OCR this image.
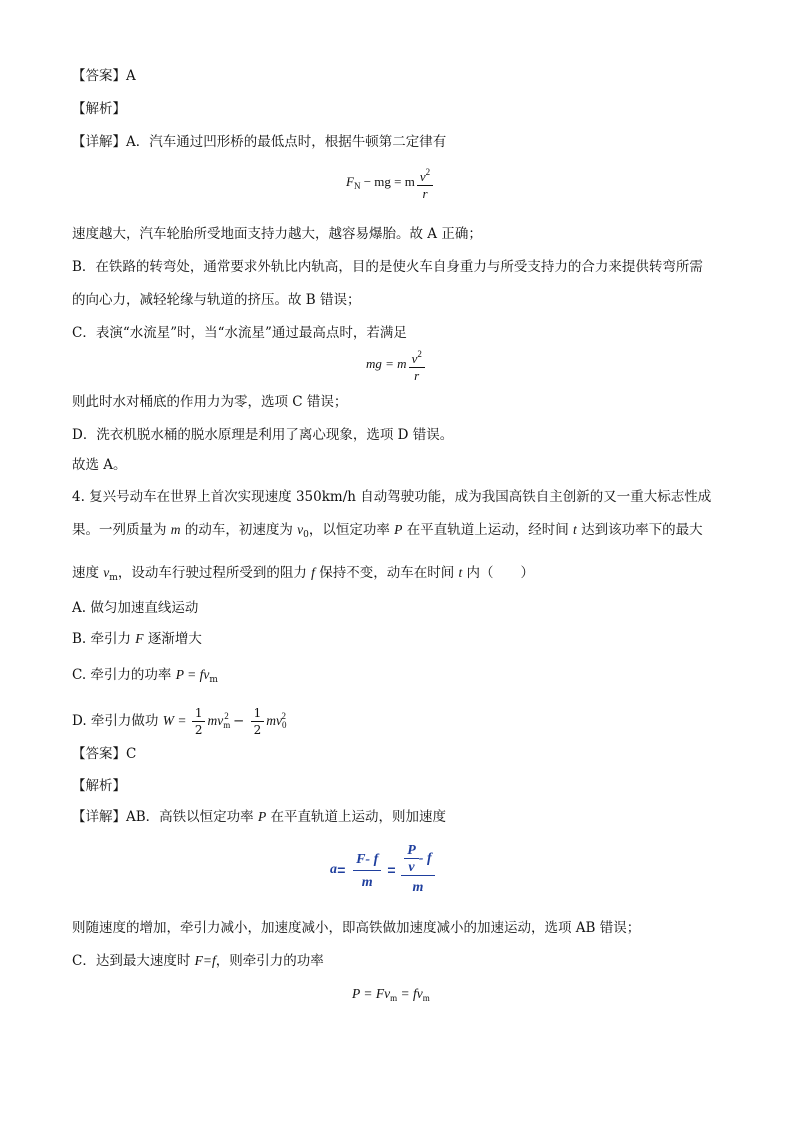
【答案】A
【解析】
【详解】A．汽车通过凹形桥的最低点时，根据牛顿第二定律有
$F_N$ − mg = m $\frac{v^2}{r}$
速度越大，汽车轮胎所受地面支持力越大，越容易爆胎。故 A 正确；
B．在铁路的转弯处，通常要求外轨比内轨高，目的是使火车自身重力与所受支持力的合力来提供转弯所需
的向心力，减轻轮缘与轨道的挤压。故 B 错误；
C．表演“水流星”时，当“水流星”通过最高点时，若满足
mg = m $\frac{v^2}{r}$
则此时水对桶底的作用力为零，选项 C 错误；
D．洗衣机脱水桶的脱水原理是利用了离心现象，选项 D 错误。
故选 A。
4. 复兴号动车在世界上首次实现速度 350km/h 自动驾驶功能，成为我国高铁自主创新的又一重大标志性成
果。一列质量为 m 的动车，初速度为 $v_0$，以恒定功率 P 在平直轨道上运动，经时间 t 达到该功率下的最大
速度 $v_m$，设动车行驶过程所受到的阻力 f 保持不变，动车在时间 t 内（　　）
A. 做匀加速直线运动
B. 牵引力 F 逐渐增大
C. 牵引力的功率 $P = fv_m$
D. 牵引力做功 $W = \frac{1}{2} mv_m^2 - \frac{1}{2} mv_0^2$
【答案】C
【解析】
【详解】AB．高铁以恒定功率 P 在平直轨道上运动，则加速度
$a= \frac{F- f}{m} = \frac{\frac{P}{v} - f}{m}$
则随速度的增加，牵引力减小，加速度减小，即高铁做加速度减小的加速运动，选项 AB 错误；
C．达到最大速度时 F=f，则牵引力的功率
$P = Fv_m = fv_m$
